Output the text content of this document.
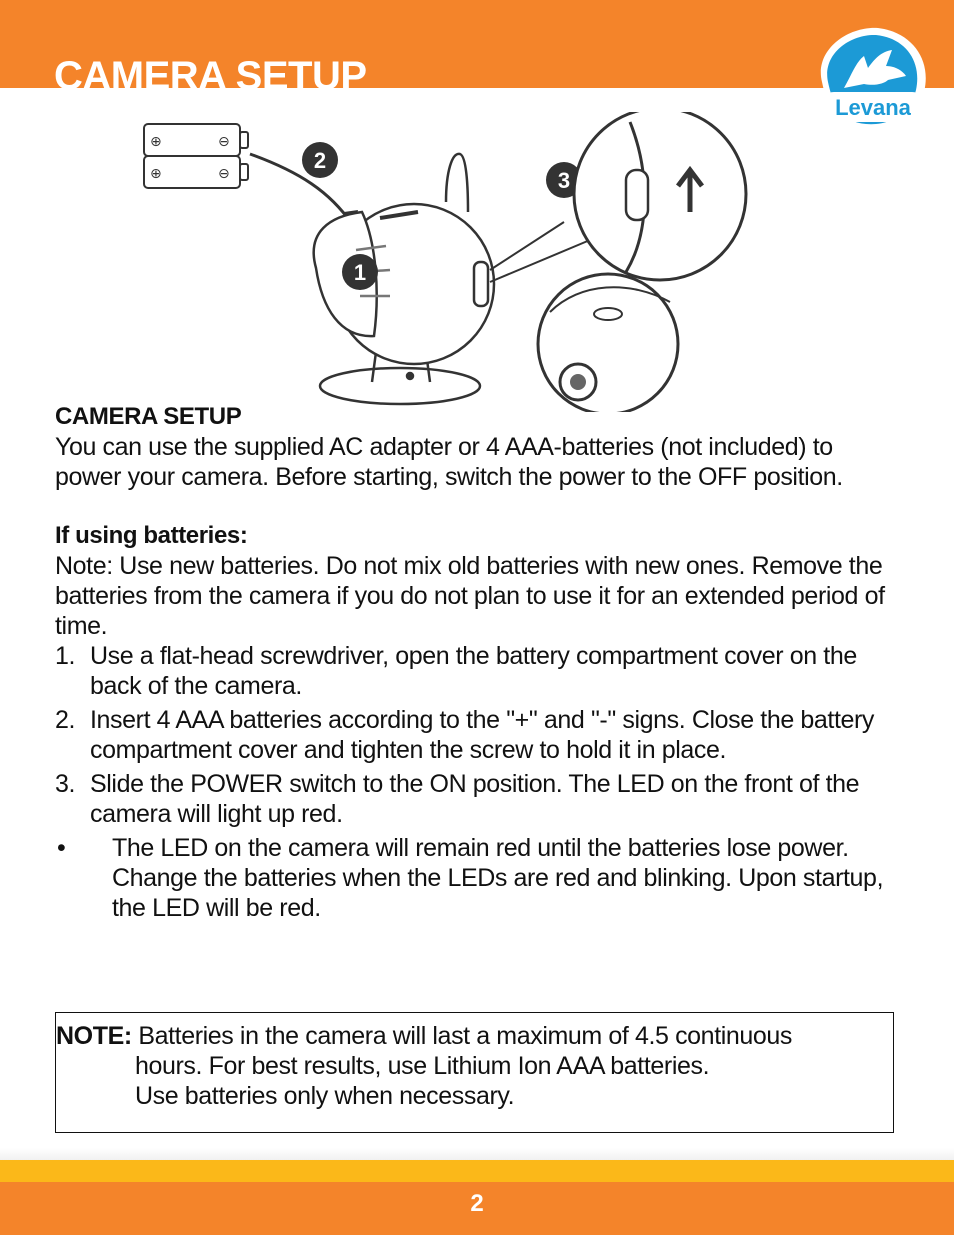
CAMERA SETUP
Levana
⊕	⊖
⊕	⊖
1
2
3

CAMERA SETUP

You can use the supplied AC adapter or 4 AAA-batteries (not included) to power your camera. Before starting, switch the power to the OFF position.

If using batteries:

Note: Use new batteries. Do not mix old batteries with new ones. Remove the batteries from the camera if you do not plan to use it for an extended period of time.

1. Use a flat-head screwdriver, open the battery compartment cover on the back of the camera.
2. Insert 4 AAA batteries according to the "+" and "-" signs. Close the battery compartment cover and tighten the screw to hold it in place.
3. Slide the POWER switch to the ON position. The LED on the front of the camera will light up red.
•	The LED on the camera will remain red until the batteries lose power. Change the batteries when the LEDs are red and blinking. Upon startup, the LED will be red.
NOTE: Batteries in the camera will last a maximum of 4.5 continuous
hours. For best results, use Lithium Ion AAA batteries.
Use batteries only when necessary.
2
